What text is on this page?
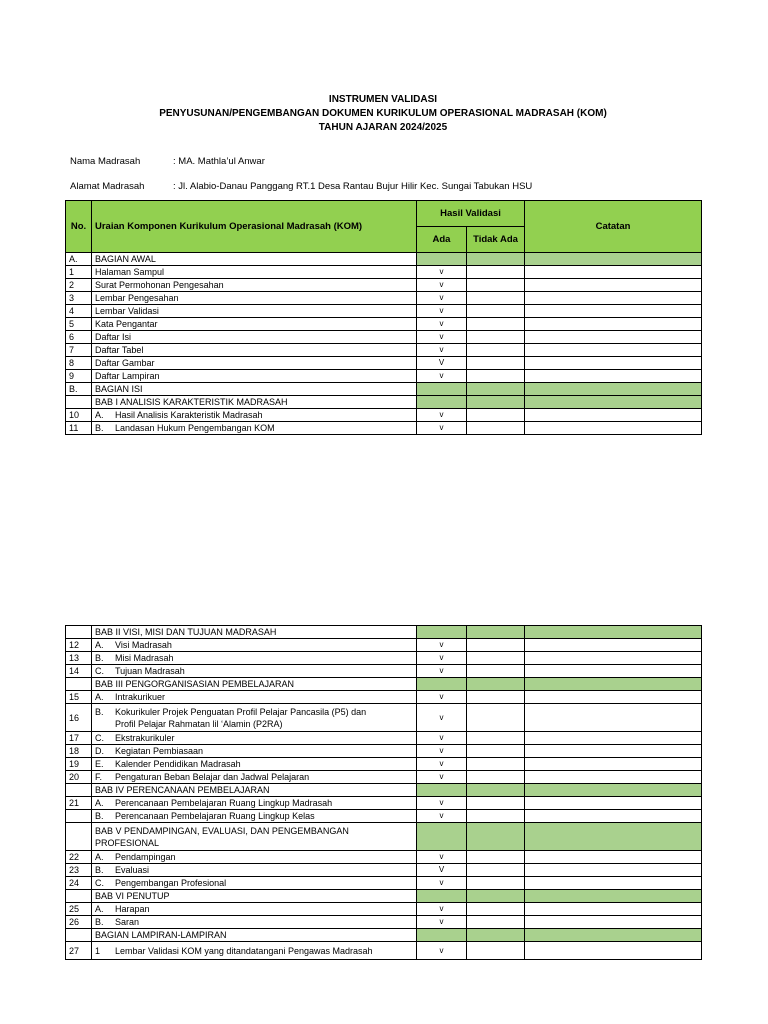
INSTRUMEN VALIDASI
PENYUSUNAN/PENGEMBANGAN DOKUMEN KURIKULUM OPERASIONAL MADRASAH (KOM)
TAHUN AJARAN 2024/2025
Nama Madrasah	: MA. Mathla’ul Anwar
Alamat Madrasah	: Jl. Alabio-Danau Panggang RT.1 Desa Rantau Bujur Hilir Kec. Sungai Tabukan HSU
No.	Uraian Komponen Kurikulum Operasional Madrasah (KOM)	Hasil Validasi		Catatan
		Ada	Tidak Ada	
A.	BAGIAN AWAL			
1	Halaman Sampul	v		
2	Surat Permohonan Pengesahan	v		
3	Lembar Pengesahan	v		
4	Lembar Validasi	v		
5	Kata Pengantar	v		
6	Daftar Isi	v		
7	Daftar Tabel	v		
8	Daftar Gambar	V		
9	Daftar Lampiran	v		
B.	BAGIAN ISI			
	BAB I ANALISIS KARAKTERISTIK MADRASAH			
10	A. Hasil Analisis Karakteristik Madrasah	v		
11	B. Landasan Hukum Pengembangan KOM	v		
	BAB II VISI, MISI DAN TUJUAN MADRASAH			
12	A. Visi Madrasah	v		
13	B. Misi Madrasah	v		
14	C. Tujuan Madrasah	v		
	BAB III PENGORGANISASIAN PEMBELAJARAN			
15	A. Intrakurikuer	v		
16	B. Kokurikuler Projek Penguatan Profil Pelajar Pancasila (P5) dan
Profil Pelajar Rahmatan lil ‘Alamin (P2RA)	v		
17	C. Ekstrakurikuler	v		
18	D. Kegiatan Pembiasaan	v		
19	E. Kalender Pendidikan Madrasah	v		
20	F. Pengaturan Beban Belajar dan Jadwal Pelajaran	v		
	BAB IV PERENCANAAN PEMBELAJARAN			
21	A. Perencanaan Pembelajaran Ruang Lingkup Madrasah	v		
	B. Perencanaan Pembelajaran Ruang Lingkup Kelas	v		
	BAB V PENDAMPINGAN, EVALUASI, DAN PENGEMBANGAN
PROFESIONAL			
22	A. Pendampingan	v		
23	B. Evaluasi	V		
24	C. Pengembangan Profesional	v		
	BAB VI PENUTUP			
25	A. Harapan	v		
26	B. Saran	v		
	BAGIAN LAMPIRAN-LAMPIRAN			
27	1 Lembar Validasi KOM yang ditandatangani Pengawas Madrasah	v		
